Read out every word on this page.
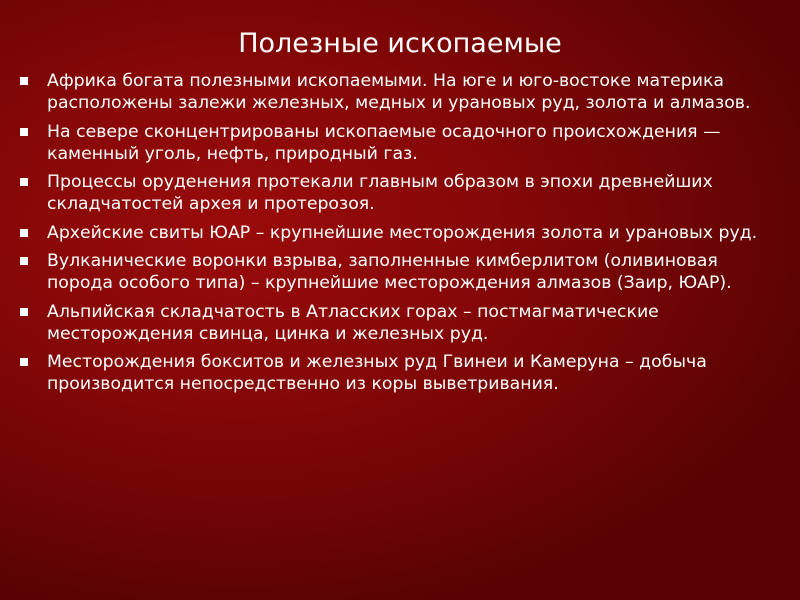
Полезные ископаемые
Африка богата полезными ископаемыми. На юге и юго-востоке материка расположены залежи железных, медных и урановых руд, золота и алмазов.
На севере сконцентрированы ископаемые осадочного происхождения — каменный уголь, нефть, природный газ.
Процессы оруденения протекали главным образом в эпохи древнейших складчатостей архея и протерозоя.
Архейские свиты ЮАР – крупнейшие месторождения золота и урановых руд.
Вулканические воронки взрыва, заполненные кимберлитом (оливиновая порода особого типа) – крупнейшие месторождения алмазов (Заир, ЮАР).
Альпийская складчатость в Атласских горах – постмагматические месторождения свинца, цинка и железных руд.
Месторождения бокситов и железных руд Гвинеи и Камеруна – добыча производится непосредственно из коры выветривания.
